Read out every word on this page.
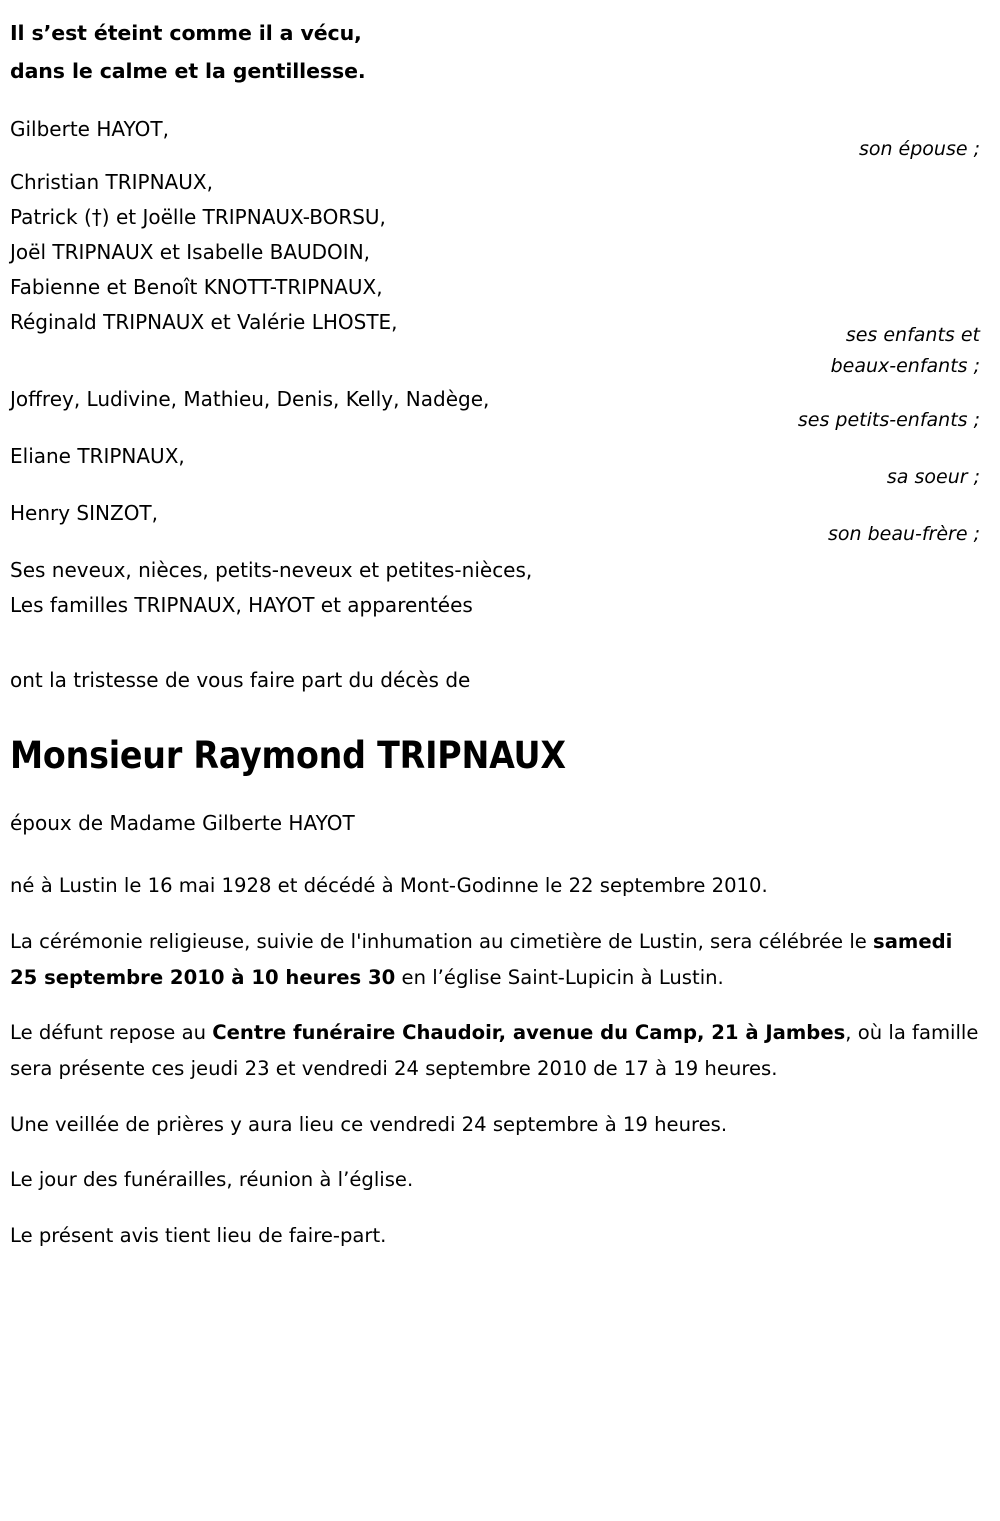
Il s’est éteint comme il a vécu,
dans le calme et la gentillesse.
Gilberte HAYOT,
son épouse ;
Christian TRIPNAUX,
Patrick (†) et Joëlle TRIPNAUX-BORSU,
Joël TRIPNAUX et Isabelle BAUDOIN,
Fabienne et Benoît KNOTT-TRIPNAUX,
Réginald TRIPNAUX et Valérie LHOSTE,
ses enfants et
beaux-enfants ;
Joffrey, Ludivine, Mathieu, Denis, Kelly, Nadège,
ses petits-enfants ;
Eliane TRIPNAUX,
sa soeur ;
Henry SINZOT,
son beau-frère ;
Ses neveux, nièces, petits-neveux et petites-nièces,
Les familles TRIPNAUX, HAYOT et apparentées
ont la tristesse de vous faire part du décès de
Monsieur Raymond TRIPNAUX
époux de Madame Gilberte HAYOT

né à Lustin le 16 mai 1928 et décédé à Mont-Godinne le 22 septembre 2010.

La cérémonie religieuse, suivie de l'inhumation au cimetière de Lustin, sera célébrée le samedi 25 septembre 2010 à 10 heures 30 en l’église Saint-Lupicin à Lustin.

Le défunt repose au Centre funéraire Chaudoir, avenue du Camp, 21 à Jambes, où la famille sera présente ces jeudi 23 et vendredi 24 septembre 2010 de 17 à 19 heures.

Une veillée de prières y aura lieu ce vendredi 24 septembre à 19 heures.

Le jour des funérailles, réunion à l’église.

Le présent avis tient lieu de faire-part.
